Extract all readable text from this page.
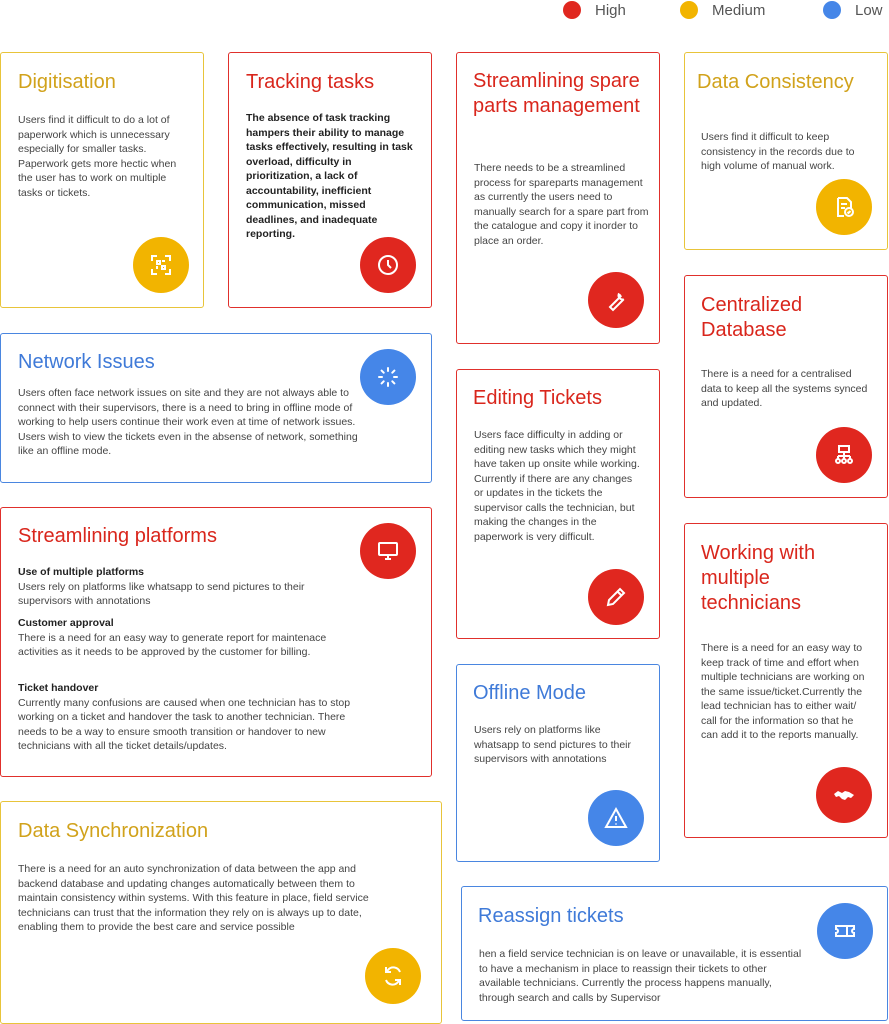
High	Medium	Low
Digitisation
Users find it difficult to do a lot of paperwork which is unnecessary especially for smaller tasks. Paperwork gets more hectic when the user has to work on multiple tasks or tickets.
Tracking tasks
The absence of task tracking hampers their ability to manage tasks effectively, resulting in task overload, difficulty in prioritization, a lack of accountability, inefficient communication, missed deadlines, and inadequate reporting.
Streamlining spare parts management
There needs to be a streamlined process for spareparts management as currently the users need to manually search for a spare part from the catalogue and copy it inorder to place an order.
Data Consistency
Users find it difficult to keep consistency in the records due to high volume of manual work.
Network Issues
Users often face network issues on site and they are not always able to connect with their supervisors, there is a need to bring in offline mode of working to help users continue their work even at time of network issues. Users wish to view the tickets even in the absense of network, something like an offline mode.
Centralized Database
There is a need for a centralised data to keep all the systems synced and updated.
Editing Tickets
Users face difficulty in adding or editing new tasks which they might have taken up onsite while working. Currently if there are any changes or updates in the tickets the supervisor calls the technician, but making the changes in the paperwork is very difficult.
Streamlining platforms
Use of multiple platforms
Users rely on platforms like whatsapp to send pictures to their supervisors with annotations
Customer approval
There is a need for an easy way to generate report for maintenace activities as it needs to be approved by the customer for billing.
Ticket handover
Currently many confusions are caused when one technician has to stop working on a ticket and handover the task to another technician. There needs to be a way to ensure smooth transition or handover to new technicians with all the ticket details/updates.
Working with multiple technicians
There is a need for an easy way to keep track of time and effort when multiple technicians are working on the same issue/ticket.Currently the lead technician has to either wait/ call for the information so that he can add it to the reports manually.
Offline Mode
Users rely on platforms like whatsapp to send pictures to their supervisors with annotations
Data Synchronization
There is a need for an auto synchronization of data between the app and backend database and updating changes automatically between them to maintain consistency within systems. With this feature in place, field service technicians can trust that the information they rely on is always up to date, enabling them to provide the best care and service possible	Reassign tickets
hen a field service technician is on leave or unavailable, it is essential to have a mechanism in place to reassign their tickets to other available technicians. Currently the process happens manually, through search and calls by Supervisor
